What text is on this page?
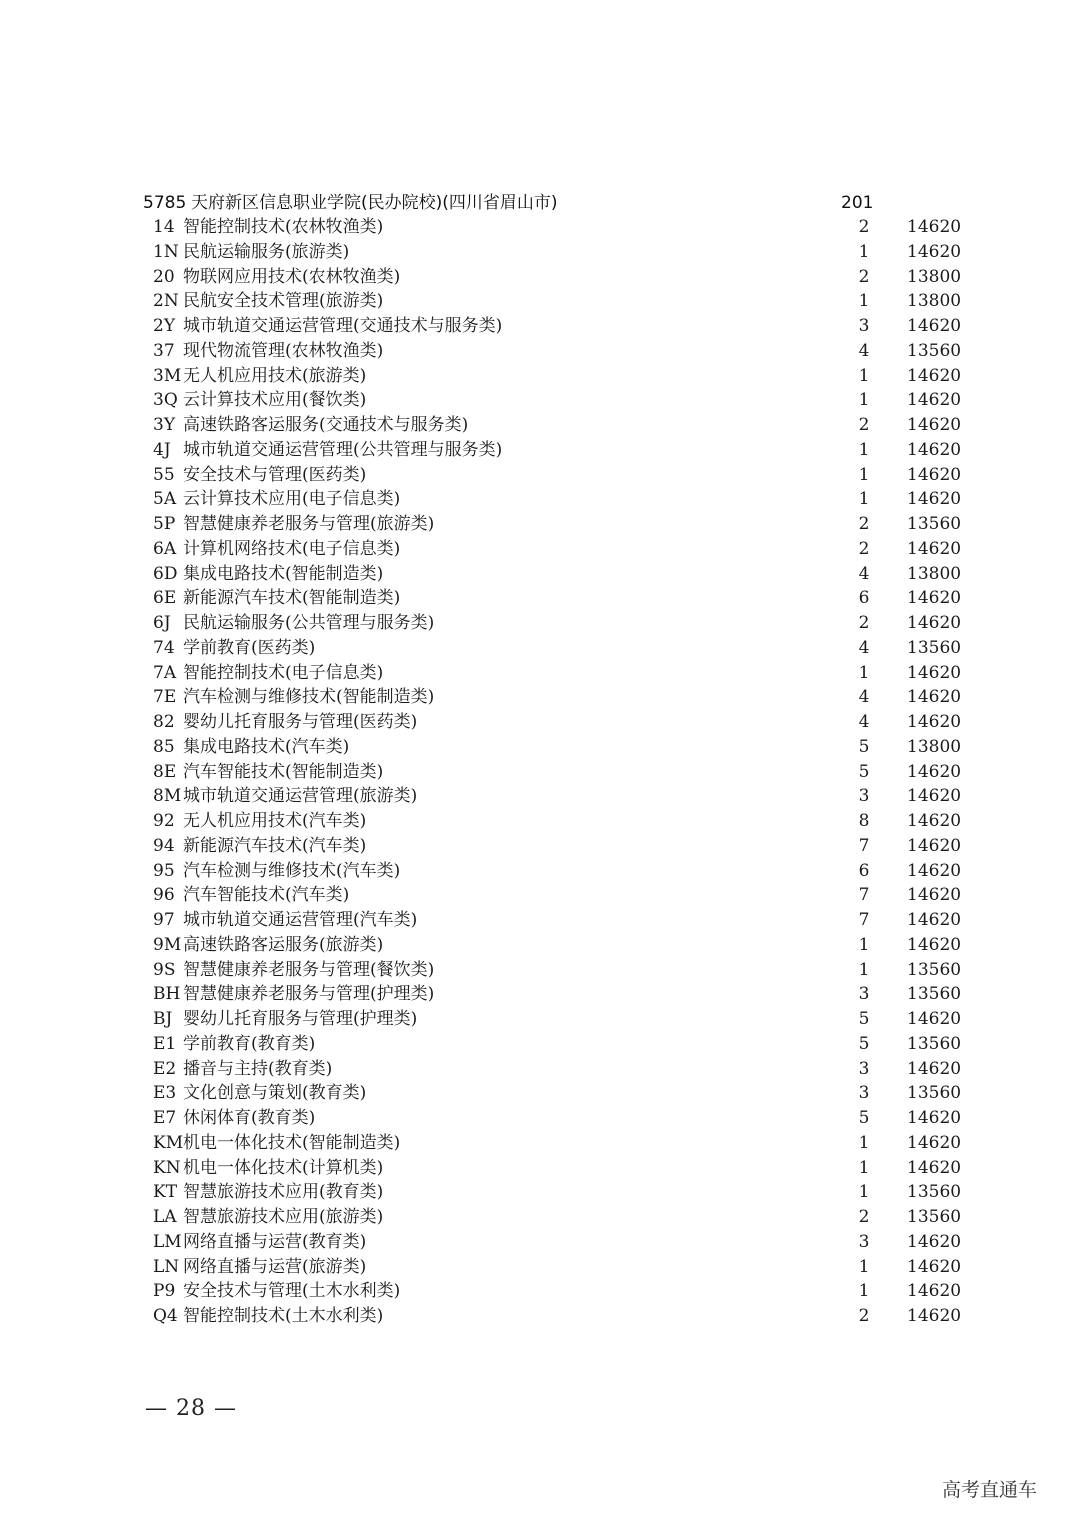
5785 天府新区信息职业学院(民办院校)(四川省眉山市)	201
14 智能控制技术(农林牧渔类)	2	14620
1N 民航运输服务(旅游类)	1	14620
20 物联网应用技术(农林牧渔类)	2	13800
2N 民航安全技术管理(旅游类)	1	13800
2Y 城市轨道交通运营管理(交通技术与服务类)	3	14620
37 现代物流管理(农林牧渔类)	4	13560
3M 无人机应用技术(旅游类)	1	14620
3Q 云计算技术应用(餐饮类)	1	14620
3Y 高速铁路客运服务(交通技术与服务类)	2	14620
4J 城市轨道交通运营管理(公共管理与服务类)	1	14620
55 安全技术与管理(医药类)	1	14620
5A 云计算技术应用(电子信息类)	1	14620
5P 智慧健康养老服务与管理(旅游类)	2	13560
6A 计算机网络技术(电子信息类)	2	14620
6D 集成电路技术(智能制造类)	4	13800
6E 新能源汽车技术(智能制造类)	6	14620
6J 民航运输服务(公共管理与服务类)	2	14620
74 学前教育(医药类)	4	13560
7A 智能控制技术(电子信息类)	1	14620
7E 汽车检测与维修技术(智能制造类)	4	14620
82 婴幼儿托育服务与管理(医药类)	4	14620
85 集成电路技术(汽车类)	5	13800
8E 汽车智能技术(智能制造类)	5	14620
8M 城市轨道交通运营管理(旅游类)	3	14620
92 无人机应用技术(汽车类)	8	14620
94 新能源汽车技术(汽车类)	7	14620
95 汽车检测与维修技术(汽车类)	6	14620
96 汽车智能技术(汽车类)	7	14620
97 城市轨道交通运营管理(汽车类)	7	14620
9M 高速铁路客运服务(旅游类)	1	14620
9S 智慧健康养老服务与管理(餐饮类)	1	13560
BH 智慧健康养老服务与管理(护理类)	3	13560
BJ 婴幼儿托育服务与管理(护理类)	5	14620
E1 学前教育(教育类)	5	13560
E2 播音与主持(教育类)	3	14620
E3 文化创意与策划(教育类)	3	13560
E7 休闲体育(教育类)	5	14620
KM 机电一体化技术(智能制造类)	1	14620
KN 机电一体化技术(计算机类)	1	14620
KT 智慧旅游技术应用(教育类)	1	13560
LA 智慧旅游技术应用(旅游类)	2	13560
LM 网络直播与运营(教育类)	3	14620
LN 网络直播与运营(旅游类)	1	14620
P9 安全技术与管理(土木水利类)	1	14620
Q4 智能控制技术(土木水利类)	2	14620
— 28 —
高考直通车
